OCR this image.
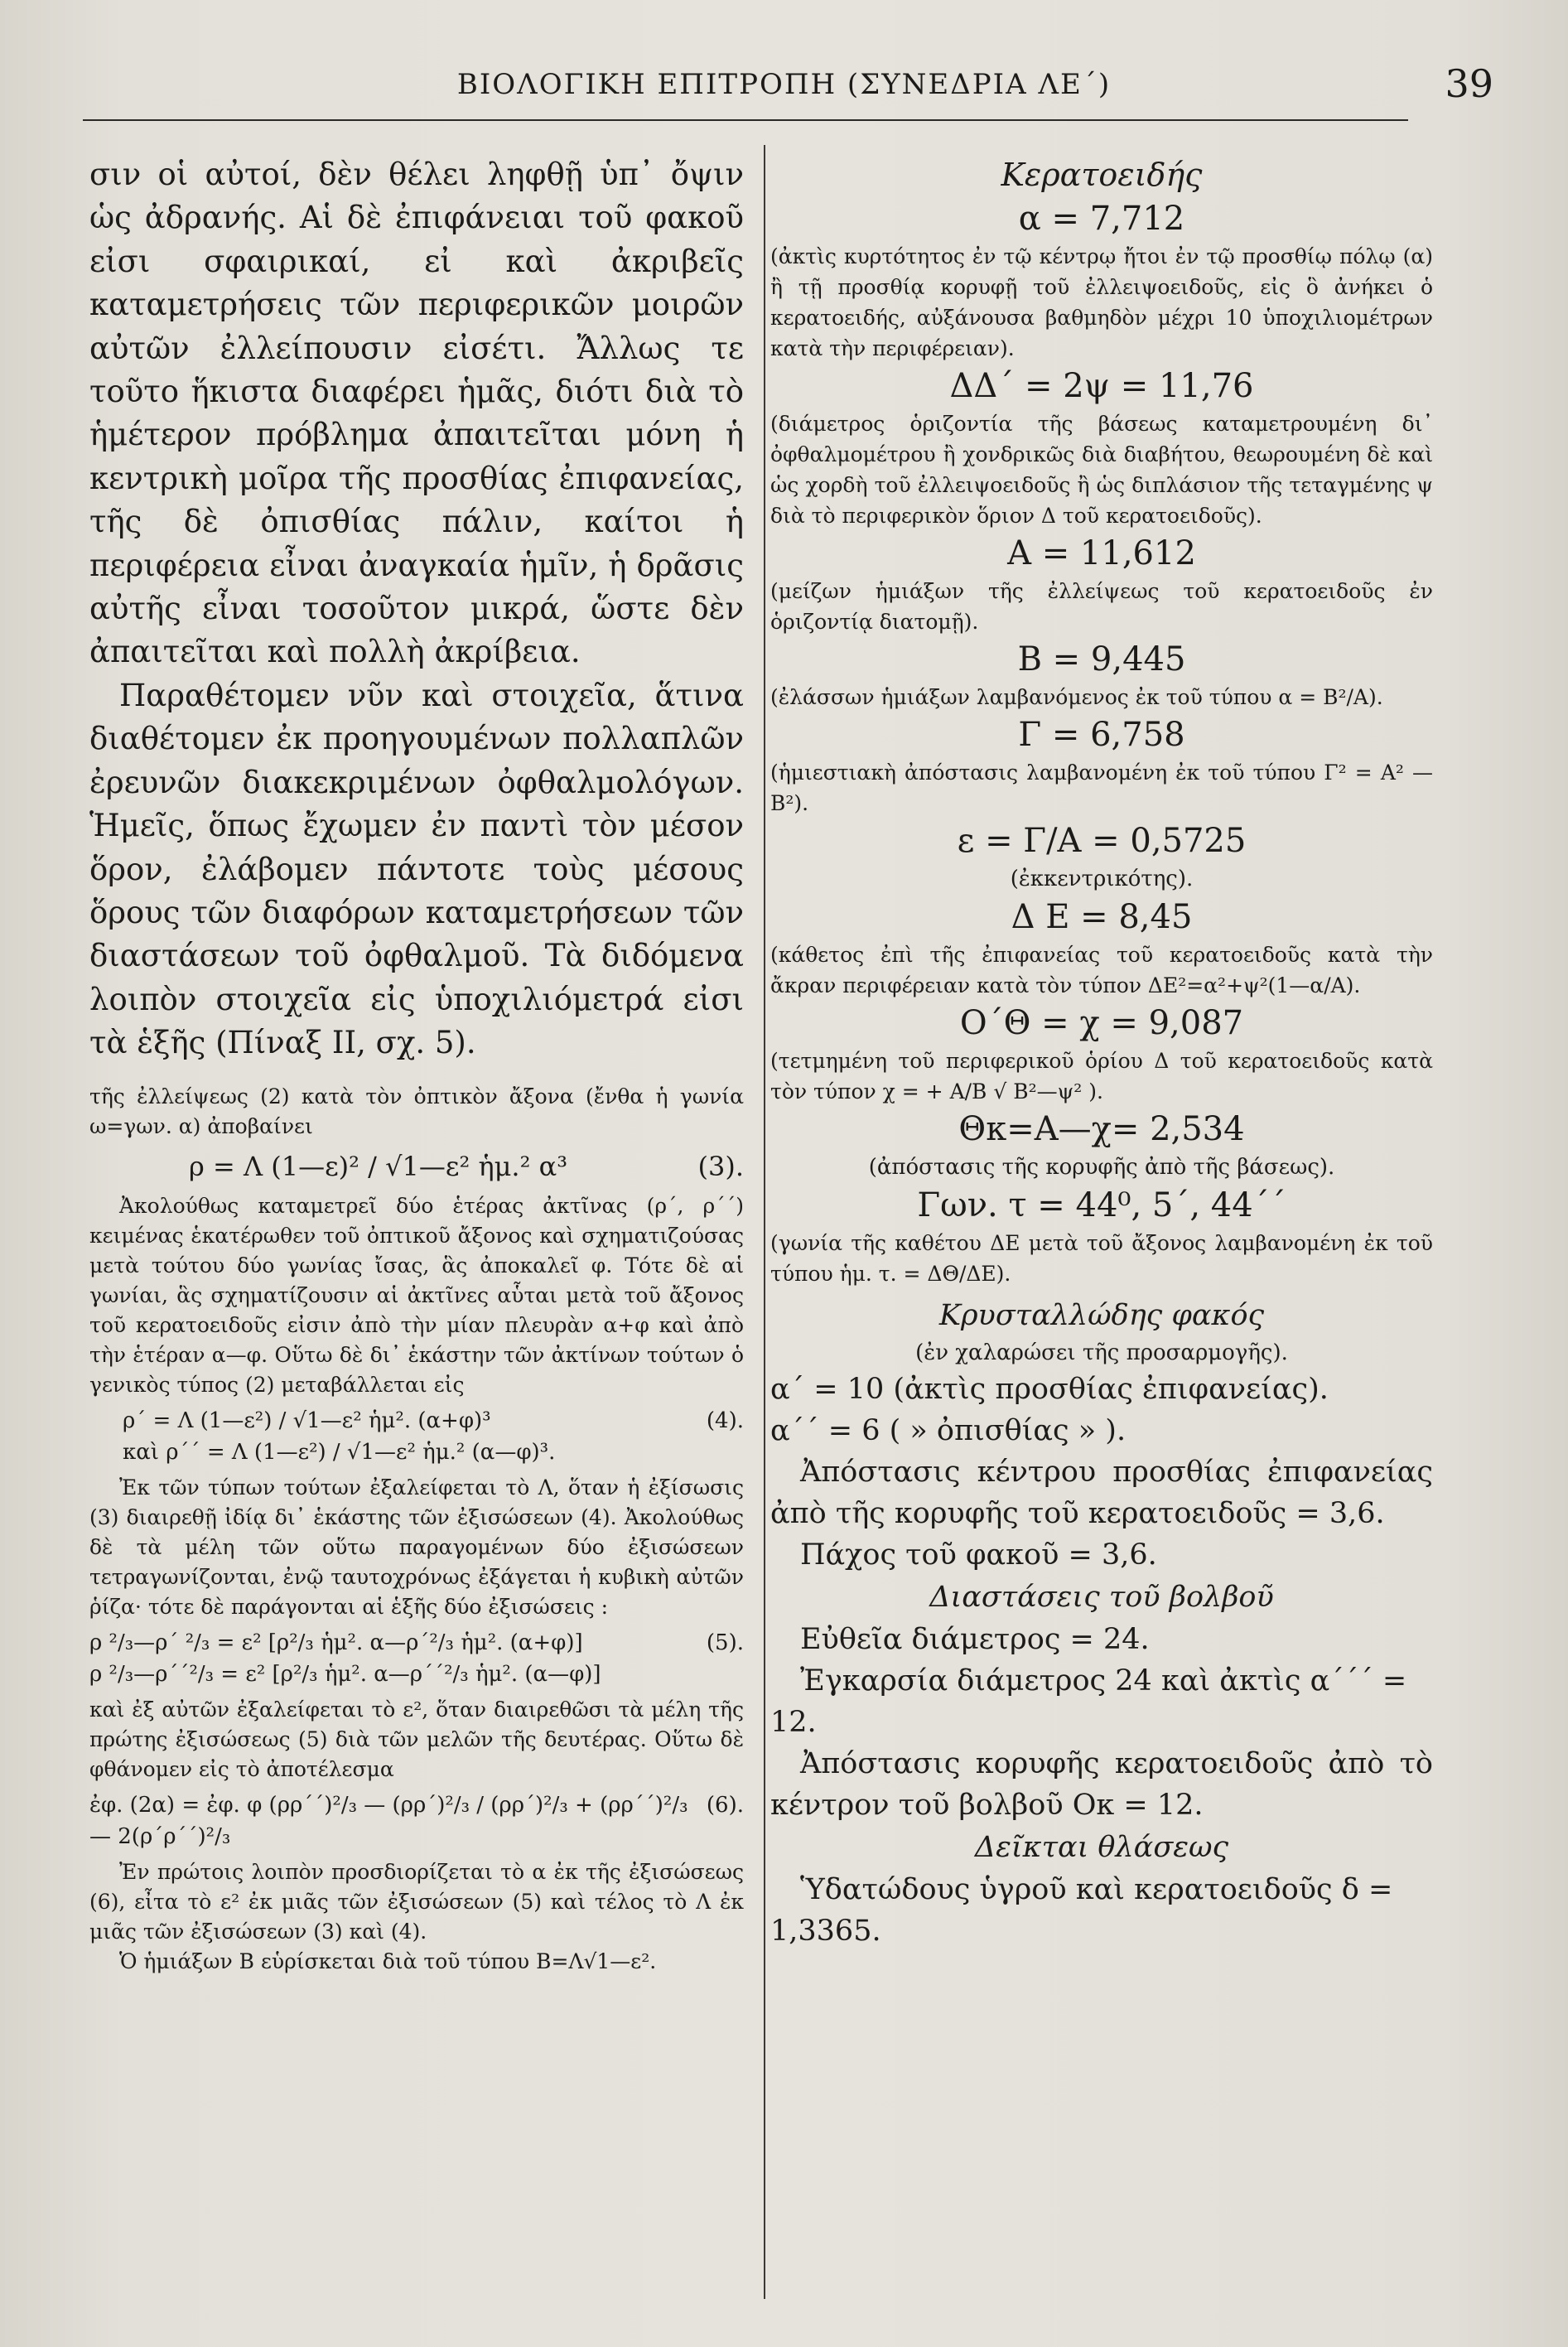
ΒΙΟΛΟΓΙΚΗ ΕΠΙΤΡΟΠΗ (ΣΥΝΕΔΡΙΑ ΛΕ΄)	39

σιν οἱ αὐτοί, δὲν θέλει ληφθῇ ὑπ᾽ ὄψιν ὡς ἀδρανής. Αἱ δὲ ἐπιφάνειαι τοῦ φακοῦ εἰσι σφαιρικαί, εἰ καὶ ἀκριβεῖς καταμετρήσεις τῶν περιφερικῶν μοιρῶν αὐτῶν ἐλλείπουσιν εἰσέτι. Ἄλλως τε τοῦτο ἥκιστα διαφέρει ἡμᾶς, διότι διὰ τὸ ἡμέτερον πρόβλημα ἀπαιτεῖται μόνη ἡ κεντρικὴ μοῖρα τῆς προσθίας ἐπιφανείας, τῆς δὲ ὀπισθίας πάλιν, καίτοι ἡ περιφέρεια εἶναι ἀναγκαία ἡμῖν, ἡ δρᾶσις αὐτῆς εἶναι τοσοῦτον μικρά, ὥστε δὲν ἀπαιτεῖται καὶ πολλὴ ἀκρίβεια.

Παραθέτομεν νῦν καὶ στοιχεῖα, ἅτινα διαθέτομεν ἐκ προηγουμένων πολλαπλῶν ἐρευνῶν διακεκριμένων ὀφθαλμολόγων. Ἡμεῖς, ὅπως ἔχωμεν ἐν παντὶ τὸν μέσον ὅρον, ἐλάβομεν πάντοτε τοὺς μέσους ὅρους τῶν διαφόρων καταμετρήσεων τῶν διαστάσεων τοῦ ὀφθαλμοῦ. Τὰ διδόμενα λοιπὸν στοιχεῖα εἰς ὑποχιλιόμετρά εἰσι τὰ ἑξῆς (Πίναξ ΙΙ, σχ. 5).

τῆς ἐλλείψεως (2) κατὰ τὸν ὀπτικὸν ἄξονα (ἔνθα ἡ γωνία ω=γων. α) ἀποβαίνει

(3).
ρ = Λ (1—ε)² / √1—ε² ἡμ.² α³

Ἀκολούθως καταμετρεῖ δύο ἑτέρας ἀκτῖνας (ρ΄, ρ΄΄) κειμένας ἑκατέρωθεν τοῦ ὀπτικοῦ ἄξονος καὶ σχηματιζούσας μετὰ τούτου δύο γωνίας ἴσας, ἃς ἀποκαλεῖ φ. Τότε δὲ αἱ γωνίαι, ἃς σχηματίζουσιν αἱ ἀκτῖνες αὗται μετὰ τοῦ ἄξονος τοῦ κερατοειδοῦς εἰσιν ἀπὸ τὴν μίαν πλευρὰν α+φ καὶ ἀπὸ τὴν ἑτέραν α—φ. Οὕτω δὲ δι᾽ ἑκάστην τῶν ἀκτίνων τούτων ὁ γενικὸς τύπος (2) μεταβάλλεται εἰς

(4).
ρ΄ = Λ (1—ε²) / √1—ε² ἡμ². (α+φ)³
καὶ ρ΄΄ = Λ (1—ε²) / √1—ε² ἡμ.² (α—φ)³.

Ἐκ τῶν τύπων τούτων ἐξαλείφεται τὸ Λ, ὅταν ἡ ἐξίσωσις (3) διαιρεθῇ ἰδίᾳ δι᾽ ἑκάστης τῶν ἐξισώσεων (4). Ἀκολούθως δὲ τὰ μέλη τῶν οὕτω παραγομένων δύο ἐξισώσεων τετραγωνίζονται, ἐνῷ ταυτοχρόνως ἐξάγεται ἡ κυβικὴ αὐτῶν ῥίζα· τότε δὲ παράγονται αἱ ἑξῆς δύο ἐξισώσεις :

(5).
ρ ²/₃—ρ΄ ²/₃ = ε² [ρ²/₃ ἡμ². α—ρ΄²/₃ ἡμ². (α+φ)]
ρ ²/₃—ρ΄΄²/₃ = ε² [ρ²/₃ ἡμ². α—ρ΄΄²/₃ ἡμ². (α—φ)]

καὶ ἐξ αὐτῶν ἐξαλείφεται τὸ ε², ὅταν διαιρεθῶσι τὰ μέλη τῆς πρώτης ἐξισώσεως (5) διὰ τῶν μελῶν τῆς δευτέρας. Οὕτω δὲ φθάνομεν εἰς τὸ ἀποτέλεσμα

(6).
ἐφ. (2α) = ἐφ. φ (ρρ΄΄)²/₃ — (ρρ΄)²/₃ / (ρρ΄)²/₃ + (ρρ΄΄)²/₃ — 2(ρ΄ρ΄΄)²/₃

Ἐν πρώτοις λοιπὸν προσδιορίζεται τὸ α ἐκ τῆς ἐξισώσεως (6), εἶτα τὸ ε² ἐκ μιᾶς τῶν ἐξισώσεων (5) καὶ τέλος τὸ Λ ἐκ μιᾶς τῶν ἐξισώσεων (3) καὶ (4).

Ὁ ἡμιάξων Β εὑρίσκεται διὰ τοῦ τύπου Β=Λ√1—ε².

Κερατοειδής

α = 7,712

(ἀκτὶς κυρτότητος ἐν τῷ κέντρῳ ἤτοι ἐν τῷ προσθίῳ πόλῳ (α) ἢ τῇ προσθίᾳ κορυφῇ τοῦ ἐλλειψοειδοῦς, εἰς ὃ ἀνήκει ὁ κερατοειδής, αὐξάνουσα βαθμηδὸν μέχρι 10 ὑποχιλιομέτρων κατὰ τὴν περιφέρειαν).

ΔΔ΄ = 2ψ = 11,76

(διάμετρος ὁριζοντία τῆς βάσεως καταμετρουμένη δι᾽ ὀφθαλμομέτρου ἢ χονδρικῶς διὰ διαβήτου, θεωρουμένη δὲ καὶ ὡς χορδὴ τοῦ ἐλλειψοειδοῦς ἢ ὡς διπλάσιον τῆς τεταγμένης ψ διὰ τὸ περιφερικὸν ὅριον Δ τοῦ κερατοειδοῦς).

Α = 11,612

(μείζων ἡμιάξων τῆς ἐλλείψεως τοῦ κερατοειδοῦς ἐν ὁριζοντίᾳ διατομῇ).

Β = 9,445

(ἐλάσσων ἡμιάξων λαμβανόμενος ἐκ τοῦ τύπου α = Β²/Α).

Γ = 6,758

(ἡμιεστιακὴ ἀπόστασις λαμβανομένη ἐκ τοῦ τύπου Γ² = Α² — Β²).

ε = Γ/Α = 0,5725

(ἐκκεντρικότης).

Δ Ε = 8,45

(κάθετος ἐπὶ τῆς ἐπιφανείας τοῦ κερατοειδοῦς κατὰ τὴν ἄκραν περιφέρειαν κατὰ τὸν τύπον ΔΕ²=α²+ψ²(1—α/Α).

Ο΄Θ = χ = 9,087

(τετμημένη τοῦ περιφερικοῦ ὁρίου Δ τοῦ κερατοειδοῦς κατὰ τὸν τύπον χ = + Α/Β √ Β²—ψ² ).

Θκ=Α—χ= 2,534

(ἀπόστασις τῆς κορυφῆς ἀπὸ τῆς βάσεως).

Γων. τ = 44⁰, 5΄, 44΄΄

(γωνία τῆς καθέτου ΔΕ μετὰ τοῦ ἄξονος λαμβανομένη ἐκ τοῦ τύπου ἡμ. τ. = ΔΘ/ΔΕ).

Κρυσταλλώδης φακός

(ἐν χαλαρώσει τῆς προσαρμογῆς).

α΄ = 10 (ἀκτὶς προσθίας ἐπιφανείας).

α΄΄ = 6 ( » ὀπισθίας » ).

Ἀπόστασις κέντρου προσθίας ἐπιφανείας ἀπὸ τῆς κορυφῆς τοῦ κερατοειδοῦς = 3,6.

Πάχος τοῦ φακοῦ = 3,6.

Διαστάσεις τοῦ βολβοῦ

Εὐθεῖα διάμετρος = 24.

Ἐγκαρσία διάμετρος 24 καὶ ἀκτὶς α΄΄΄ = 12.

Ἀπόστασις κορυφῆς κερατοειδοῦς ἀπὸ τὸ κέντρον τοῦ βολβοῦ Οκ = 12.

Δεῖκται θλάσεως

Ὑδατώδους ὑγροῦ καὶ κερατοειδοῦς δ = 1,3365.
